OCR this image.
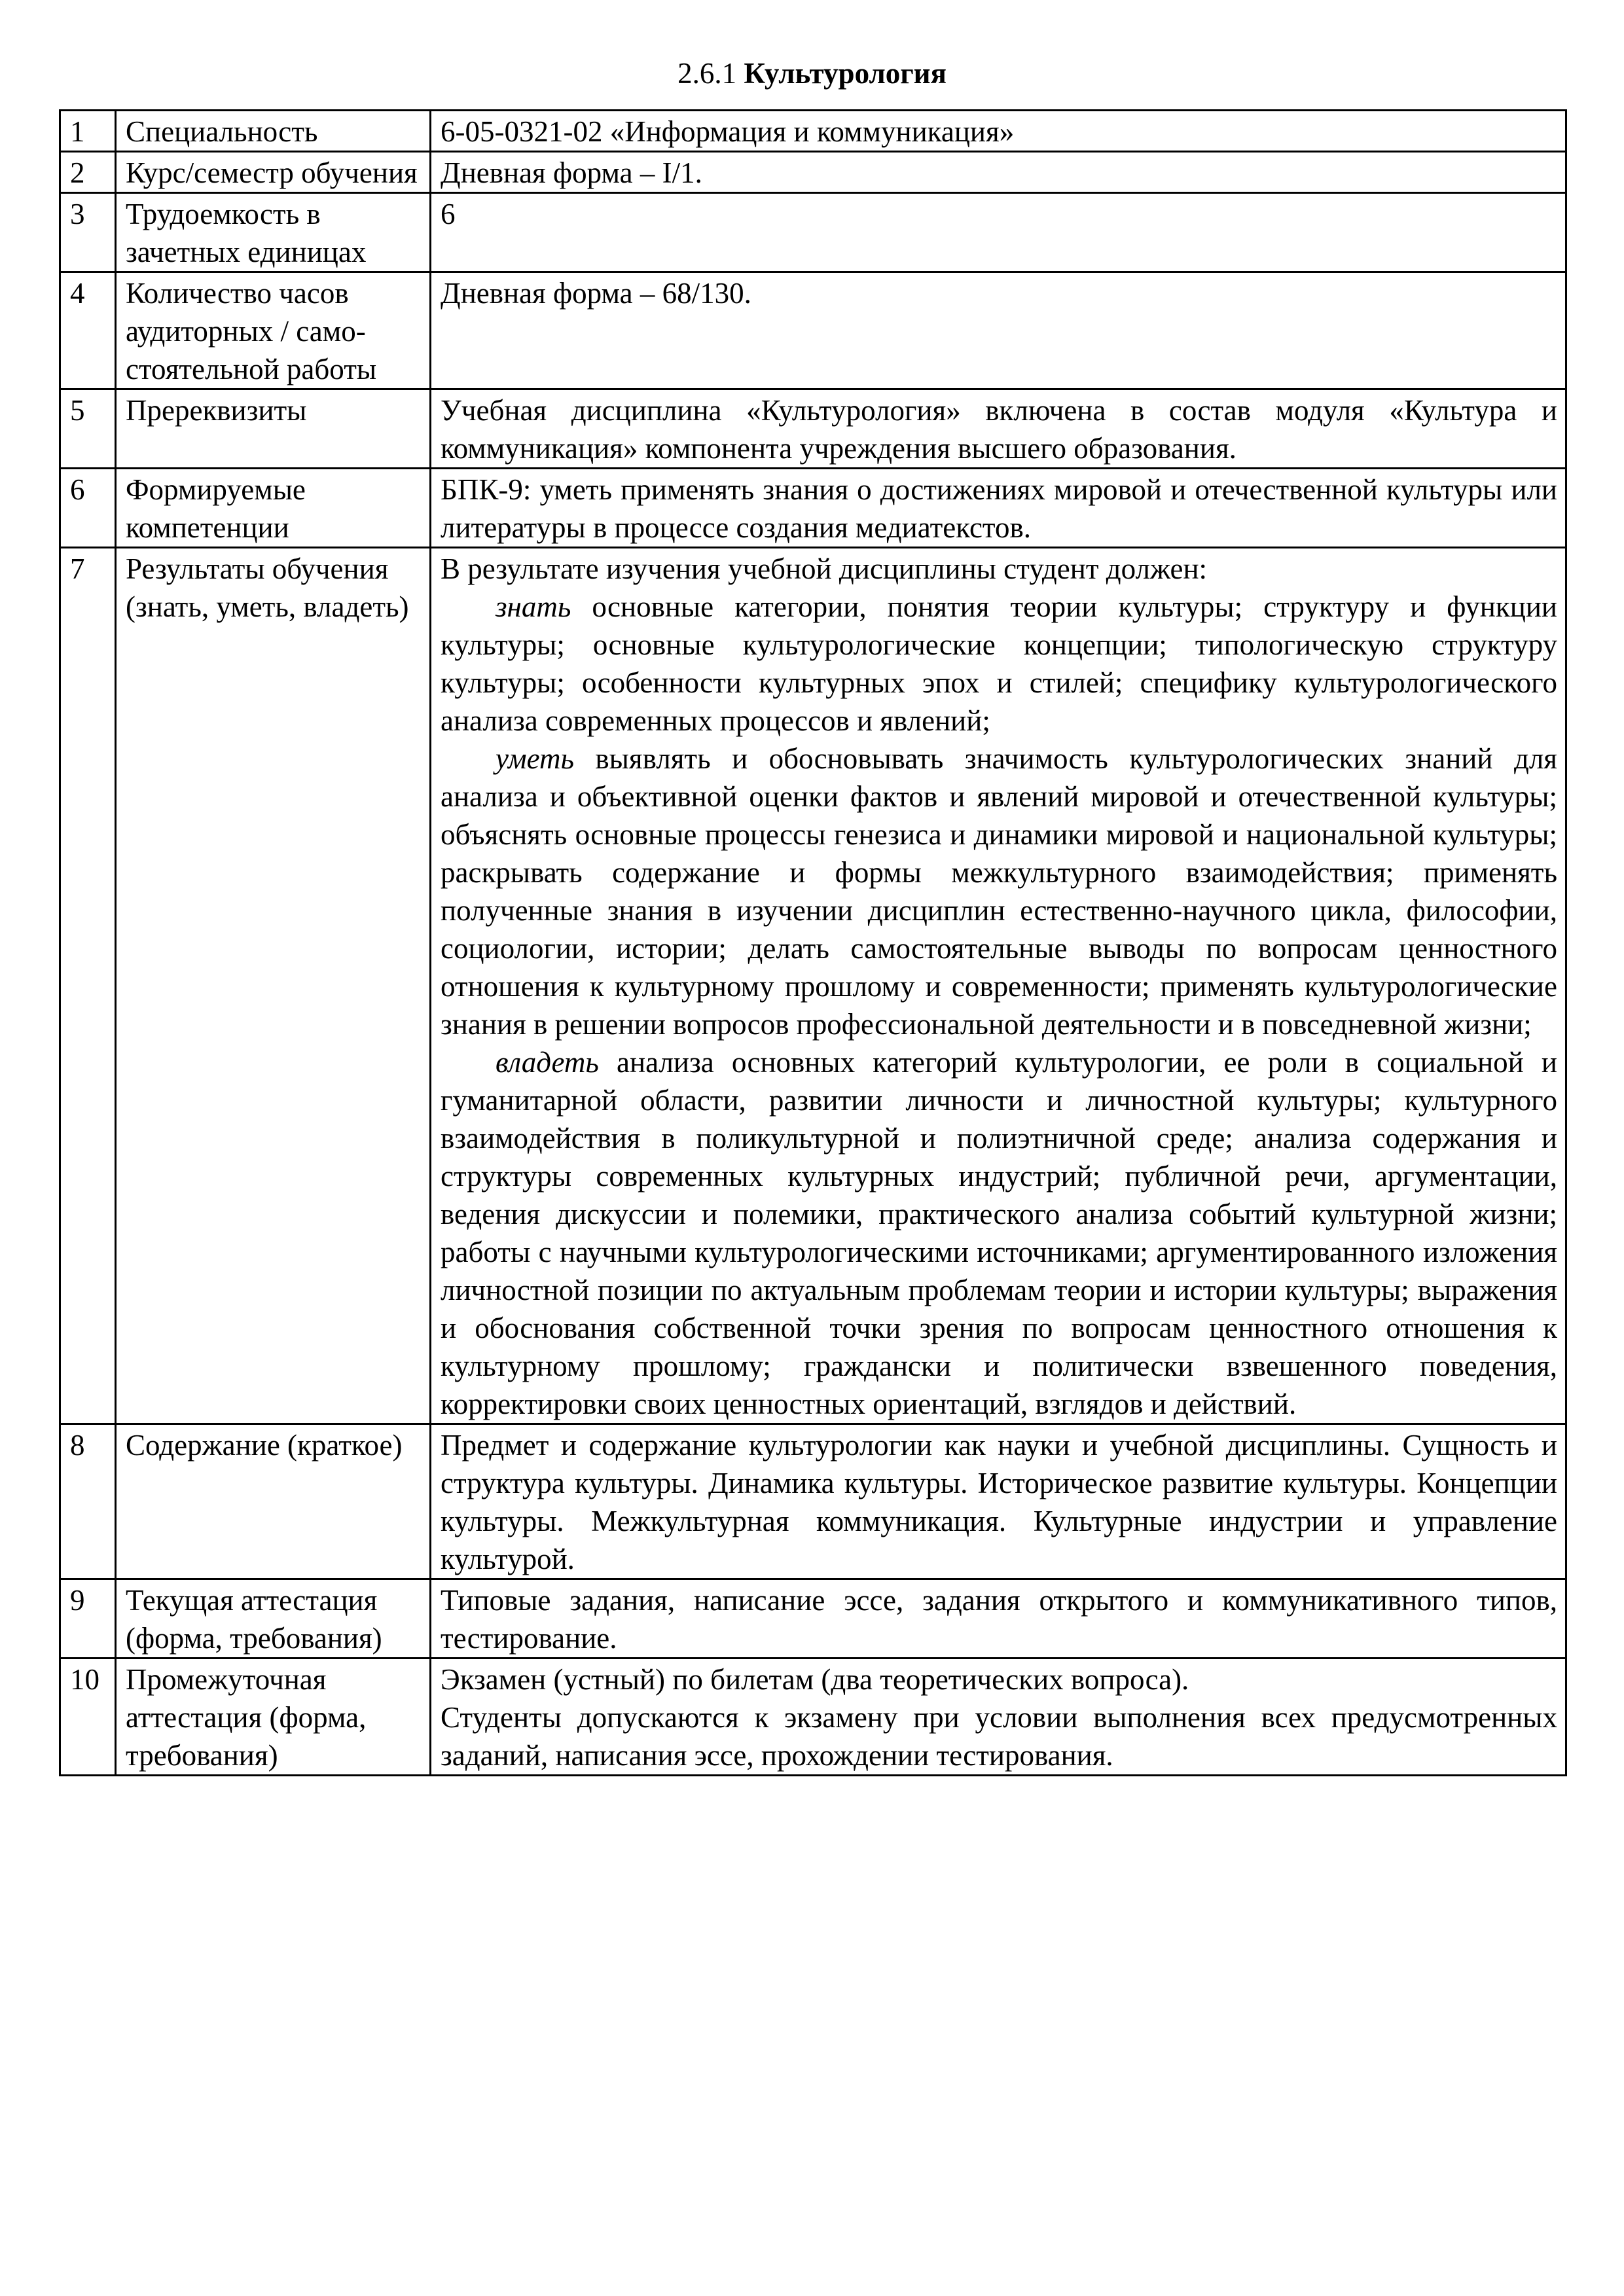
2.6.1 Культурология
1	Специальность	6-05-0321-02 «Информация и коммуникация»
2	Курс/семестр обучения	Дневная форма – I/1.
3	Трудоемкость в зачетных единицах	6
4	Количество часов аудиторных / само-стоятельной работы	Дневная форма – 68/130.
5	Пререквизиты	Учебная дисциплина «Культурология» включена в состав модуля «Культура и коммуникация» компонента учреждения высшего образования.
6	Формируемые компетенции	БПК-9: уметь применять знания о достижениях мировой и отечественной культуры или литературы в процессе создания медиатекстов.
7	Результаты обучения (знать, уметь, владеть)	В результате изучения учебной дисциплины студент должен:

знать основные категории, понятия теории культуры; структуру и функции культуры; основные культурологические концепции; типологическую структуру культуры; особенности культурных эпох и стилей; специфику культурологического анализа современных процессов и явлений;

уметь выявлять и обосновывать значимость культурологических знаний для анализа и объективной оценки фактов и явлений мировой и отечественной культуры; объяснять основные процессы генезиса и динамики мировой и национальной культуры; раскрывать содержание и формы межкультурного взаимодействия; применять полученные знания в изучении дисциплин естественно-научного цикла, философии, социологии, истории; делать самостоятельные выводы по вопросам ценностного отношения к культурному прошлому и современности; применять культурологические знания в решении вопросов профессиональной деятельности и в повседневной жизни;

владеть анализа основных категорий культурологии, ее роли в социальной и гуманитарной области, развитии личности и личностной культуры; культурного взаимодействия в поликультурной и полиэтничной среде; анализа содержания и структуры современных культурных индустрий; публичной речи, аргументации, ведения дискуссии и полемики, практического анализа событий культурной жизни; работы с научными культурологическими источниками; аргументированного изложения личностной позиции по актуальным проблемам теории и истории культуры; выражения и обоснования собственной точки зрения по вопросам ценностного отношения к культурному прошлому; граждански и политически взвешенного поведения, корректировки своих ценностных ориентаций, взглядов и действий.

8	Содержание (краткое)	Предмет и содержание культурологии как науки и учебной дисциплины. Сущность и структура культуры. Динамика культуры. Историческое развитие культуры. Концепции культуры. Межкультурная коммуникация. Культурные индустрии и управление культурой.
9	Текущая аттестация (форма, требования)	Типовые задания, написание эссе, задания открытого и коммуникативного типов, тестирование.
10	Промежуточная аттестация (форма, требования)	Экзамен (устный) по билетам (два теоретических вопроса).

Студенты допускаются к экзамену при условии выполнения всех предусмотренных заданий, написания эссе, прохождении тестирования.
